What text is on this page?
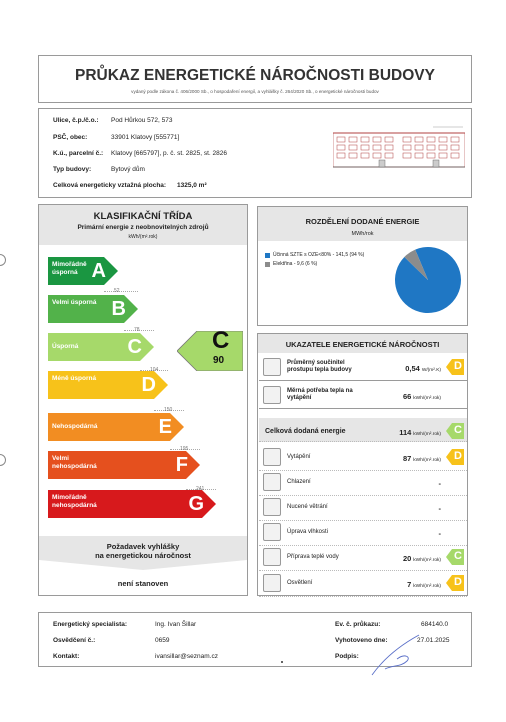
PRŮKAZ ENERGETICKÉ NÁROČNOSTI BUDOVY
vydaný podle zákona č. 406/2000 Sb., o hospodaření energií, a vyhlášky č. 264/2020 Sb., o energetické náročnosti budov
Ulice, č.p./č.o.: Pod Hůrkou 572, 573
PSČ, obec:	33901 Klatovy [555771]
K.ú., parcelní č.: Klatovy [665797], p. č. st. 2825, st. 2826
Typ budovy:	Bytový dům
Celková energeticky vztažná plocha: 1325,0 m²
KLASIFIKAČNÍ TŘÍDA
Primární energie z neobnovitelných zdrojů
kWh/(m².rok)
Mimořádně úsporná A
Velmi úsporná B
Úsporná	C
Méně úsporná	D
Nehospodárná	E
Velmi nehospodárná	F
Mimořádně nehospodárná	G
52
78
104
150
195
241
C
90
Požadavek vyhlášky
na energetickou náročnost
není stanoven
ROZDĚLENÍ DODANÉ ENERGIE
MWh/rok
Účinná SZTE s OZE<80% - 141,5 (94 %)
Elektřina - 9,6 (6 %)
UKAZATELE ENERGETICKÉ NÁROČNOSTI
Průměrný součinitel prostupu tepla budovy	0,54 W/(m².K) D
Měrná potřeba tepla na vytápění	66 kWh/(m².rok)
Celková dodaná energie	114 kWh/(m².rok) C
Vytápění	87 kWh/(m².rok) D
Chlazení	-
Nucené větrání	-
Úprava vlhkosti	-
Příprava teplé vody	20 kWh/(m².rok) C
Osvětlení	7 kWh/(m².rok) D
Energetický specialista:	Ing. Ivan Šillar
Osvědčení č.:	0659
Kontakt:	ivansillar@seznam.cz
Ev. č. průkazu:	684140.0
Vyhotoveno dne:	27.01.2025
Podpis:
